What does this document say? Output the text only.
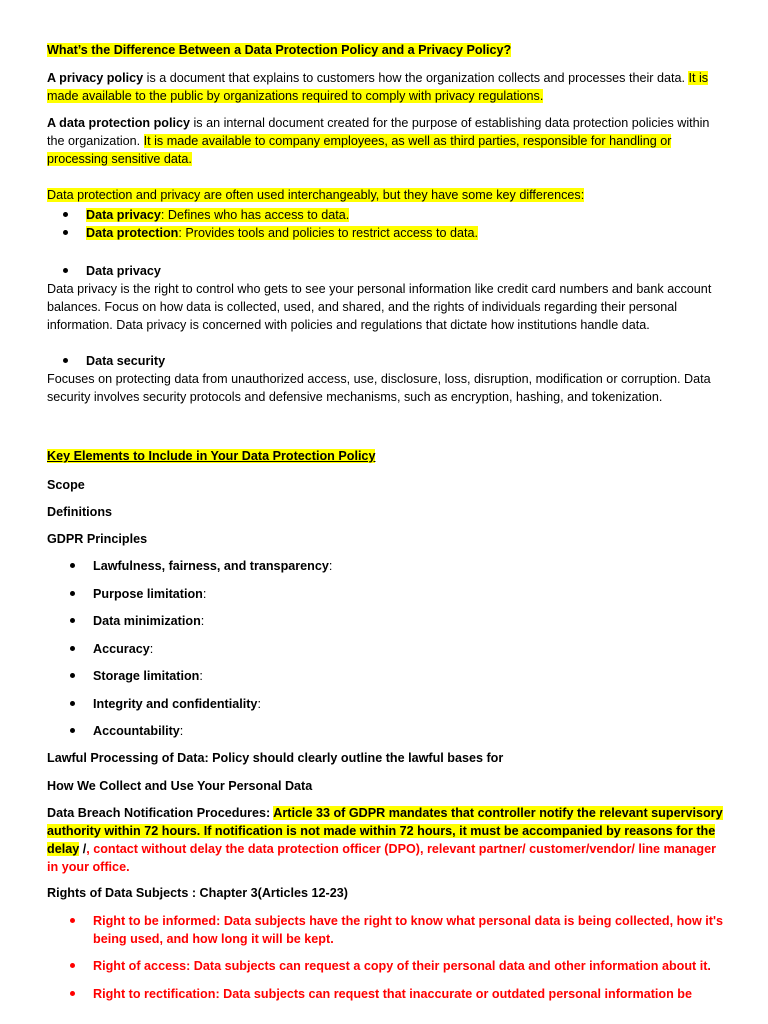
What’s the Difference Between a Data Protection Policy and a Privacy Policy?

A privacy policy is a document that explains to customers how the organization collects and processes their data. It is made available to the public by organizations required to comply with privacy regulations.

A data protection policy is an internal document created for the purpose of establishing data protection policies within the organization. It is made available to company employees, as well as third parties, responsible for handling or processing sensitive data.

Data protection and privacy are often used interchangeably, but they have some key differences:

Data privacy: Defines who has access to data.

Data protection: Provides tools and policies to restrict access to data.

Data privacy

Data privacy is the right to control who gets to see your personal information like credit card numbers and bank account balances. Focus on how data is collected, used, and shared, and the rights of individuals regarding their personal information. Data privacy is concerned with policies and regulations that dictate how institutions handle data.

Data security

Focuses on protecting data from unauthorized access, use, disclosure, loss, disruption, modification or corruption. Data security involves security protocols and defensive mechanisms, such as encryption, hashing, and tokenization.

Key Elements to Include in Your Data Protection Policy

Scope

Definitions

GDPR Principles

Lawfulness, fairness, and transparency:

Purpose limitation:

Data minimization:

Accuracy:

Storage limitation:

Integrity and confidentiality:

Accountability:

Lawful Processing of Data: Policy should clearly outline the lawful bases for

How We Collect and Use Your Personal Data

Data Breach Notification Procedures: Article 33 of GDPR mandates that controller notify the relevant supervisory authority within 72 hours. If notification is not made within 72 hours, it must be accompanied by reasons for the delay /, contact without delay the data protection officer (DPO), relevant partner/ customer/vendor/ line manager in your office.

Rights of Data Subjects : Chapter 3(Articles 12-23)

Right to be informed: Data subjects have the right to know what personal data is being collected, how it's being used, and how long it will be kept.

Right of access: Data subjects can request a copy of their personal data and other information about it.

Right to rectification: Data subjects can request that inaccurate or outdated personal information be
